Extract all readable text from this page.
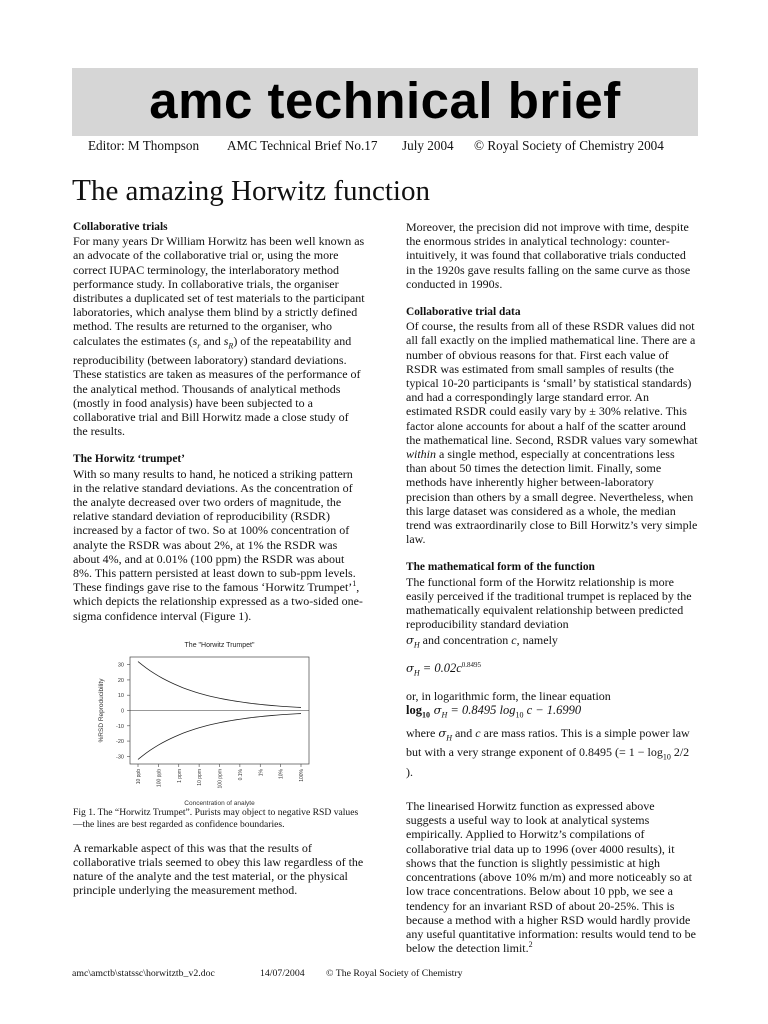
amc technical brief
Editor: M Thompson AMC Technical Brief No.17 July 2004 © Royal Society of Chemistry 2004
The amazing Horwitz function
Collaborative trials

For many years Dr William Horwitz has been well known as an advocate of the collaborative trial or, using the more correct IUPAC terminology, the interlaboratory method performance study. In collaborative trials, the organiser distributes a duplicated set of test materials to the participant laboratories, which analyse them blind by a strictly defined method. The results are returned to the organiser, who calculates the estimates ($s_r$ and $s_R$) of the repeatability and reproducibility (between laboratory) standard deviations. These statistics are taken as measures of the performance of the analytical method. Thousands of analytical methods (mostly in food analysis) have been subjected to a collaborative trial and Bill Horwitz made a close study of the results.

The Horwitz ‘trumpet’

With so many results to hand, he noticed a striking pattern in the relative standard deviations. As the concentration of the analyte decreased over two orders of magnitude, the relative standard deviation of reproducibility (RSDR) increased by a factor of two. So at 100% concentration of analyte the RSDR was about 2%, at 1% the RSDR was about 4%, and at 0.01% (100 ppm) the RSDR was about 8%. This pattern persisted at least down to sub-ppm levels. These findings gave rise to the famous ‘Horwitz Trumpet’$^1$, which depicts the relationship expressed as a two-sided one-sigma confidence interval (Figure 1).

The "Horwitz Trumpet"
30
20
10
0
-10
-20
-30
%RSD Reproducibility
10 ppb	100 ppb	1 ppm	10 ppm	100 ppm	0.1%	1%	10%	100%
Concentration of analyte

Fig 1. The “Horwitz Trumpet”. Purists may object to negative RSD values—the lines are best regarded as confidence boundaries.

A remarkable aspect of this was that the results of collaborative trials seemed to obey this law regardless of the nature of the analyte and the test material, or the physical principle underlying the measurement method.

Moreover, the precision did not improve with time, despite the enormous strides in analytical technology: counter-intuitively, it was found that collaborative trials conducted in the 1920s gave results falling on the same curve as those conducted in 1990s.

Collaborative trial data

Of course, the results from all of these RSDR values did not all fall exactly on the implied mathematical line. There are a number of obvious reasons for that. First each value of RSDR was estimated from small samples of results (the typical 10-20 participants is ‘small’ by statistical standards) and had a correspondingly large standard error. An estimated RSDR could easily vary by ± 30% relative. This factor alone accounts for about a half of the scatter around the mathematical line. Second, RSDR values vary somewhat within a single method, especially at concentrations less than about 50 times the detection limit. Finally, some methods have inherently higher between-laboratory precision than others by a small degree. Nevertheless, when this large dataset was considered as a whole, the median trend was extraordinarily close to Bill Horwitz’s very simple law.

The mathematical form of the function

The functional form of the Horwitz relationship is more easily perceived if the traditional trumpet is replaced by the mathematically equivalent relationship between predicted reproducibility standard deviation

$\sigma_H$ and concentration c, namely

$\sigma_H = 0.02c^{0.8495}$

or, in logarithmic form, the linear equation

$\log_{10} \sigma_H = 0.8495$ $\log_{10} c - 1.6990$

where $\sigma_H$ and c are mass ratios. This is a simple power law but with a very strange exponent of 0.8495 (= $1 - \log_{10} 2/2$ ).

The linearised Horwitz function as expressed above suggests a useful way to look at analytical systems empirically. Applied to Horwitz’s compilations of collaborative trial data up to 1996 (over 4000 results), it shows that the function is slightly pessimistic at high concentrations (above 10% m/m) and more noticeably so at low trace concentrations. Below about 10 ppb, we see a tendency for an invariant RSD of about 20-25%. This is because a method with a higher RSD would hardly provide any useful quantitative information: results would tend to be below the detection limit.$^2$

amc\amctb\statssc\horwitztb_v2.doc	14/07/2004 © The Royal Society of Chemistry
